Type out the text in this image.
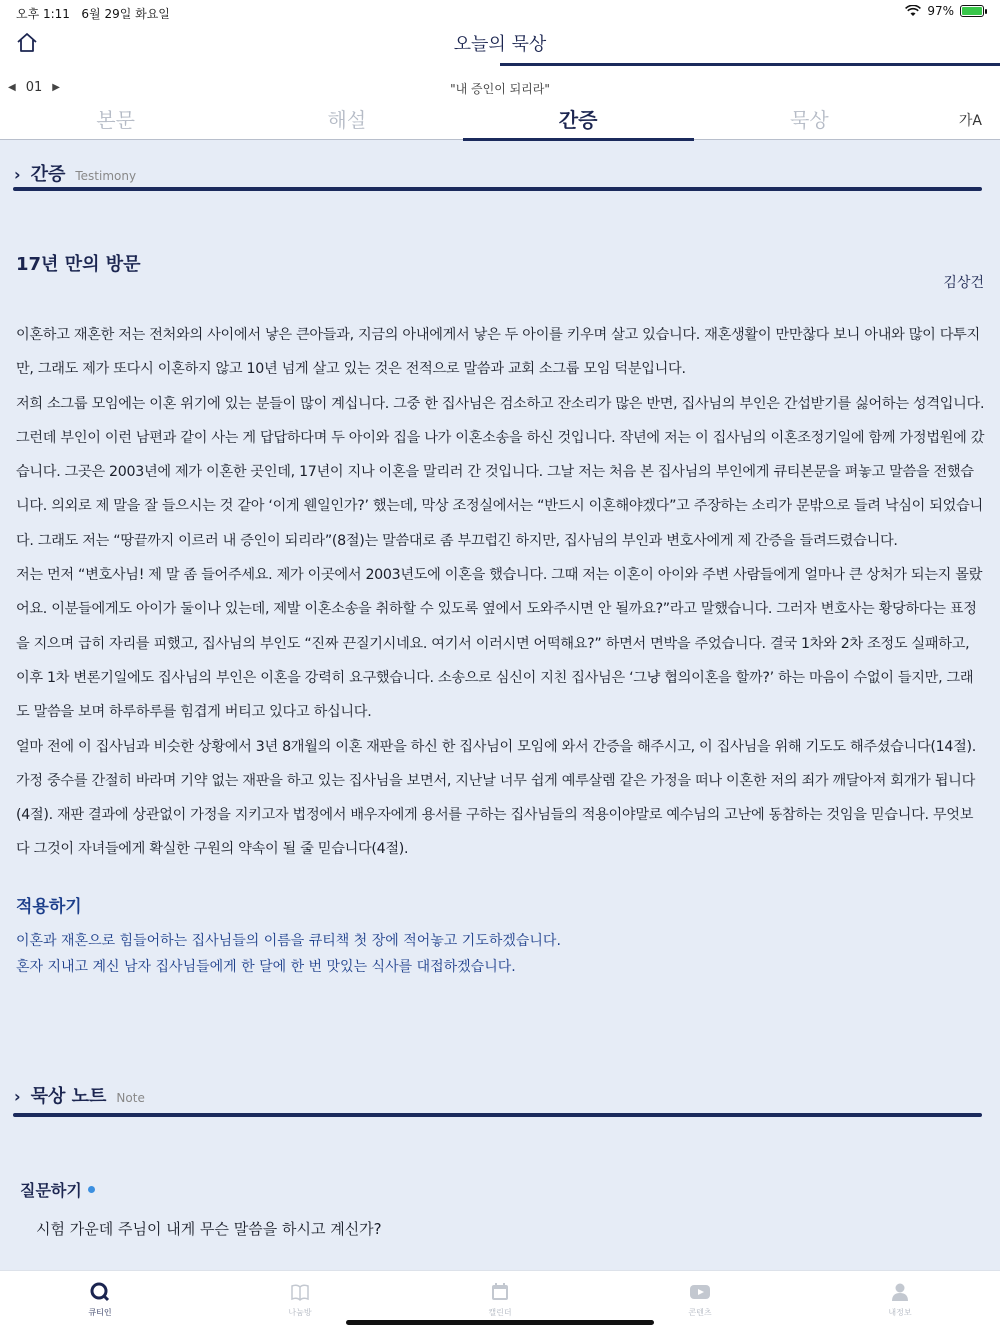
오후 1:11 6월 29일 화요일	97%
오늘의 묵상
◀ 01 ▶	"내 증인이 되리라"
본문	해설	간증	묵상	가A
› 간증 Testimony
17년 만의 방문
김상건

이혼하고 재혼한 저는 전처와의 사이에서 낳은 큰아들과, 지금의 아내에게서 낳은 두 아이를 키우며 살고 있습니다. 재혼생활이 만만찮다 보니 아내와 많이 다투지만, 그래도 제가 또다시 이혼하지 않고 10년 넘게 살고 있는 것은 전적으로 말씀과 교회 소그룹 모임 덕분입니다.

저희 소그룹 모임에는 이혼 위기에 있는 분들이 많이 계십니다. 그중 한 집사님은 검소하고 잔소리가 많은 반면, 집사님의 부인은 간섭받기를 싫어하는 성격입니다. 그런데 부인이 이런 남편과 같이 사는 게 답답하다며 두 아이와 집을 나가 이혼소송을 하신 것입니다. 작년에 저는 이 집사님의 이혼조정기일에 함께 가정법원에 갔습니다. 그곳은 2003년에 제가 이혼한 곳인데, 17년이 지나 이혼을 말리러 간 것입니다. 그날 저는 처음 본 집사님의 부인에게 큐티본문을 펴놓고 말씀을 전했습니다. 의외로 제 말을 잘 들으시는 것 같아 ‘이게 웬일인가?’ 했는데, 막상 조정실에서는 “반드시 이혼해야겠다”고 주장하는 소리가 문밖으로 들려 낙심이 되었습니다. 그래도 저는 “땅끝까지 이르러 내 증인이 되리라”(8절)는 말씀대로 좀 부끄럽긴 하지만, 집사님의 부인과 변호사에게 제 간증을 들려드렸습니다.

저는 먼저 “변호사님! 제 말 좀 들어주세요. 제가 이곳에서 2003년도에 이혼을 했습니다. 그때 저는 이혼이 아이와 주변 사람들에게 얼마나 큰 상처가 되는지 몰랐어요. 이분들에게도 아이가 둘이나 있는데, 제발 이혼소송을 취하할 수 있도록 옆에서 도와주시면 안 될까요?”라고 말했습니다. 그러자 변호사는 황당하다는 표정을 지으며 급히 자리를 피했고, 집사님의 부인도 “진짜 끈질기시네요. 여기서 이러시면 어떡해요?” 하면서 면박을 주었습니다. 결국 1차와 2차 조정도 실패하고, 이후 1차 변론기일에도 집사님의 부인은 이혼을 강력히 요구했습니다. 소송으로 심신이 지친 집사님은 ‘그냥 협의이혼을 할까?’ 하는 마음이 수없이 들지만, 그래도 말씀을 보며 하루하루를 힘겹게 버티고 있다고 하십니다.

얼마 전에 이 집사님과 비슷한 상황에서 3년 8개월의 이혼 재판을 하신 한 집사님이 모임에 와서 간증을 해주시고, 이 집사님을 위해 기도도 해주셨습니다(14절). 가정 중수를 간절히 바라며 기약 없는 재판을 하고 있는 집사님을 보면서, 지난날 너무 쉽게 예루살렘 같은 가정을 떠나 이혼한 저의 죄가 깨달아져 회개가 됩니다(4절). 재판 결과에 상관없이 가정을 지키고자 법정에서 배우자에게 용서를 구하는 집사님들의 적용이야말로 예수님의 고난에 동참하는 것임을 믿습니다. 무엇보다 그것이 자녀들에게 확실한 구원의 약속이 될 줄 믿습니다(4절).

적용하기
이혼과 재혼으로 힘들어하는 집사님들의 이름을 큐티책 첫 장에 적어놓고 기도하겠습니다.
혼자 지내고 계신 남자 집사님들에게 한 달에 한 번 맛있는 식사를 대접하겠습니다.
› 묵상 노트 Note
질문하기
시험 가운데 주님이 내게 무슨 말씀을 하시고 계신가?
큐티인	나눔방	캘린더	콘텐츠	내정보
